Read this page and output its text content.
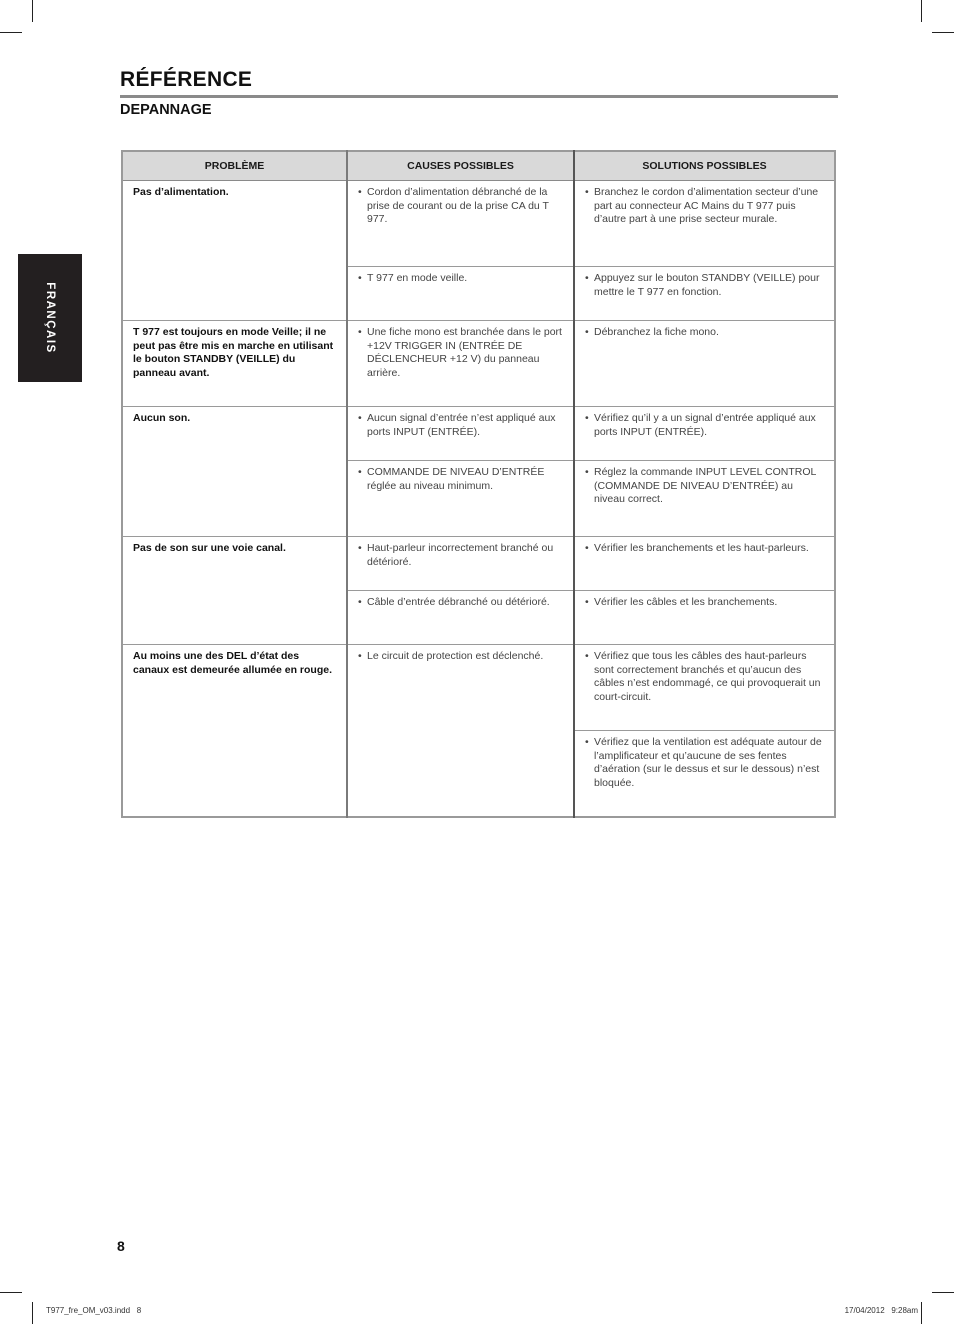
RÉFÉRENCE
DEPANNAGE
FRANÇAIS
PROBLÈME	CAUSES POSSIBLES	SOLUTIONS POSSIBLES
Pas d’alimentation.	• Cordon d’alimentation débranché de la prise de courant ou de la prise CA du T 977.	• Branchez le cordon d’alimentation secteur d’une part au connecteur AC Mains du T 977 puis d’autre part à une prise secteur murale.

	• T 977 en mode veille.	• Appuyez sur le bouton STANDBY (VEILLE) pour mettre le T 977 en fonction.

T 977 est toujours en mode Veille; il ne peut pas être mis en marche en utilisant le bouton STANDBY (VEILLE) du panneau avant.	• Une fiche mono est branchée dans le port +12V TRIGGER IN (ENTRÉE DE DÉCLENCHEUR +12 V) du panneau arrière.	• Débranchez la fiche mono.

Aucun son.	• Aucun signal d’entrée n’est appliqué aux ports INPUT (ENTRÉE).	• Vérifiez qu’il y a un signal d’entrée appliqué aux ports INPUT (ENTRÉE).

	• COMMANDE DE NIVEAU D’ENTRÉE réglée au niveau minimum.	• Réglez la commande INPUT LEVEL CONTROL (COMMANDE DE NIVEAU D’ENTRÉE) au niveau correct.

Pas de son sur une voie canal.	• Haut-parleur incorrectement branché ou détérioré.	• Vérifier les branchements et les haut-parleurs.

	• Câble d’entrée débranché ou détérioré.	• Vérifier les câbles et les branchements.

Au moins une des DEL d’état des canaux est demeurée allumée en rouge.	• Le circuit de protection est déclenché.	• Vérifiez que tous les câbles des haut-parleurs sont correctement branchés et qu’aucun des câbles n’est endommagé, ce qui provoquerait un court-circuit.

		• Vérifiez que la ventilation est adéquate autour de l’amplificateur et qu’aucune de ses fentes d’aération (sur le dessus et sur le dessous) n’est bloquée.

8

T977_fre_OM_v03.indd   8	17/04/2012   9:28am
